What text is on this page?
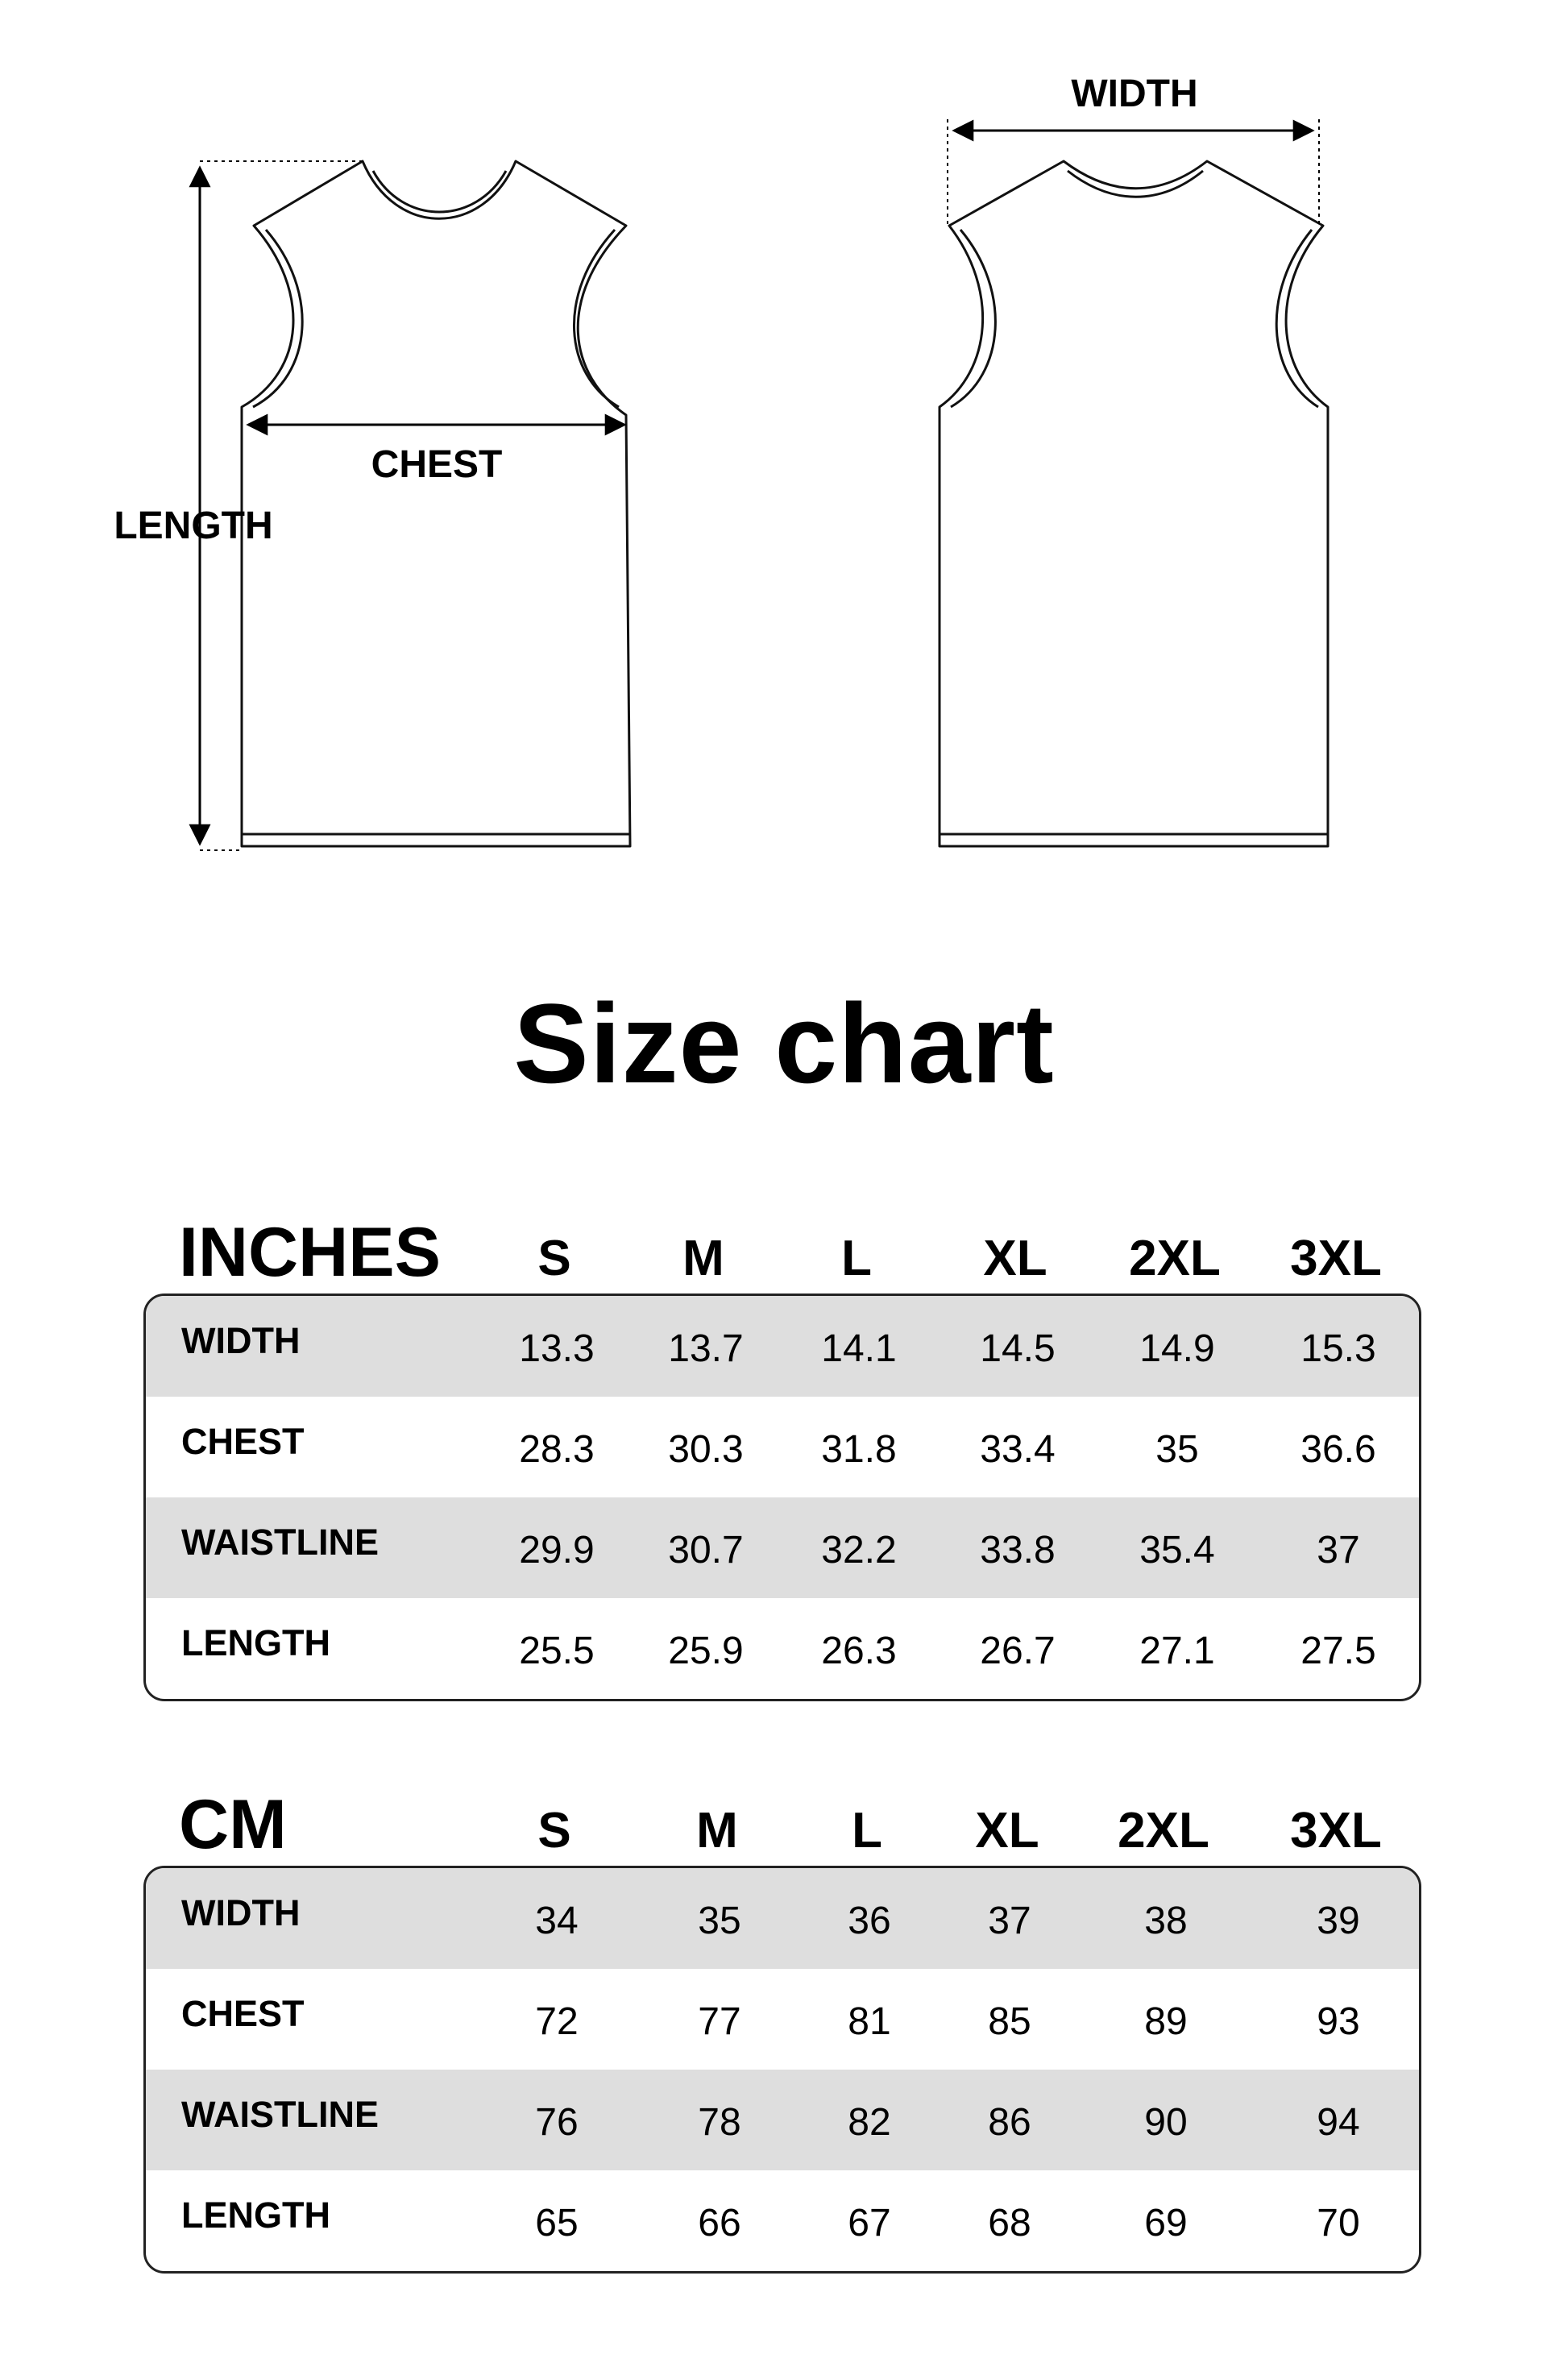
CHEST
LENGTH
WIDTH
Size chart
INCHES S M L XL 2XL 3XL
WIDTH	13.3 13.7 14.1 14.5 14.9 15.3
CHEST	28.3 30.3 31.8 33.4	35	36.6
WAISTLINE	29.9 30.7 32.2 33.8 35.4	37
LENGTH	25.5 25.9 26.3 26.7 27.1 27.5
CM	S	M L XL 2XL 3XL
WIDTH	34	35	36	37	38	39
CHEST	72	77	81	85	89	93
WAISTLINE	76	78	82	86	90	94
LENGTH	65	66	67	68	69	70
